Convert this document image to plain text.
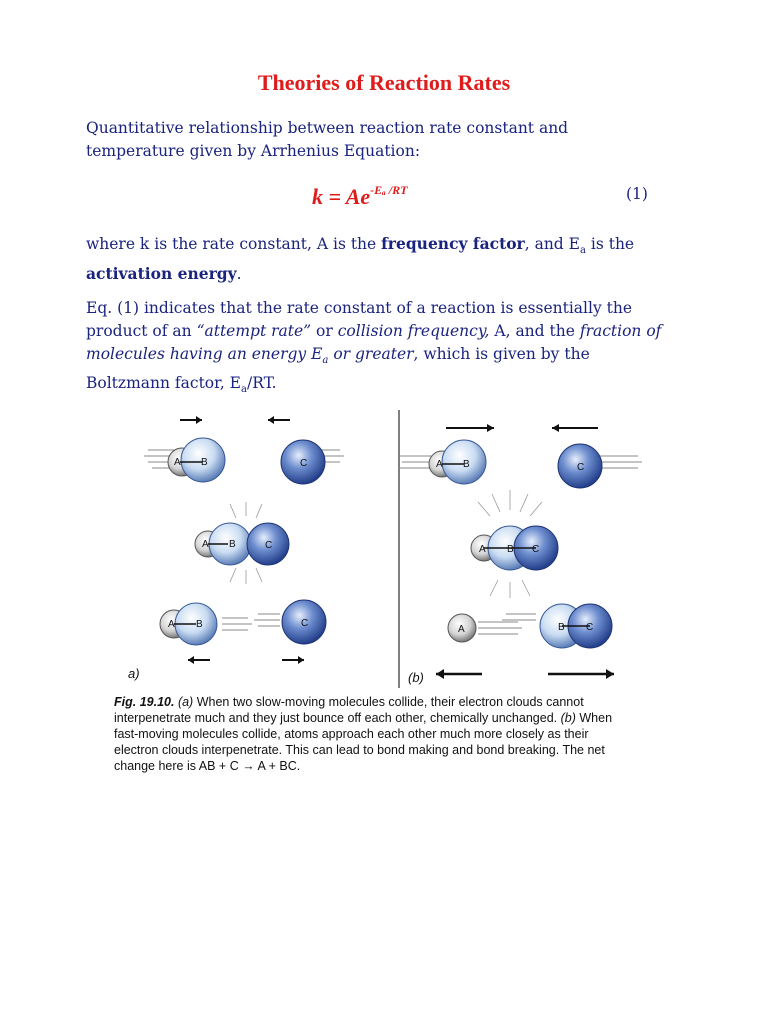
Theories of Reaction Rates
Quantitative relationship between reaction rate constant and
temperature given by Arrhenius Equation:
$k = Ae^{-E_a /RT}$	(1)
where k is the rate constant, A is the frequency factor, and $E_a$ is the
activation energy.
Eq. (1) indicates that the rate constant of a reaction is essentially the
product of an “attempt rate” or collision frequency, A, and the fraction of
molecules having an energy $E_a$ or greater, which is given by the
Boltzmann factor, $E_a/RT$.
A B	C
A B	C
A B	C
a)
A B	C
A B C
A	B C
(b)
Fig. 19.10. (a) When two slow-moving molecules collide, their electron clouds cannot
interpenetrate much and they just bounce off each other, chemically unchanged. (b) When
fast-moving molecules collide, atoms approach each other much more closely as their
electron clouds interpenetrate. This can lead to bond making and bond breaking. The net
change here is AB + C → A + BC.
